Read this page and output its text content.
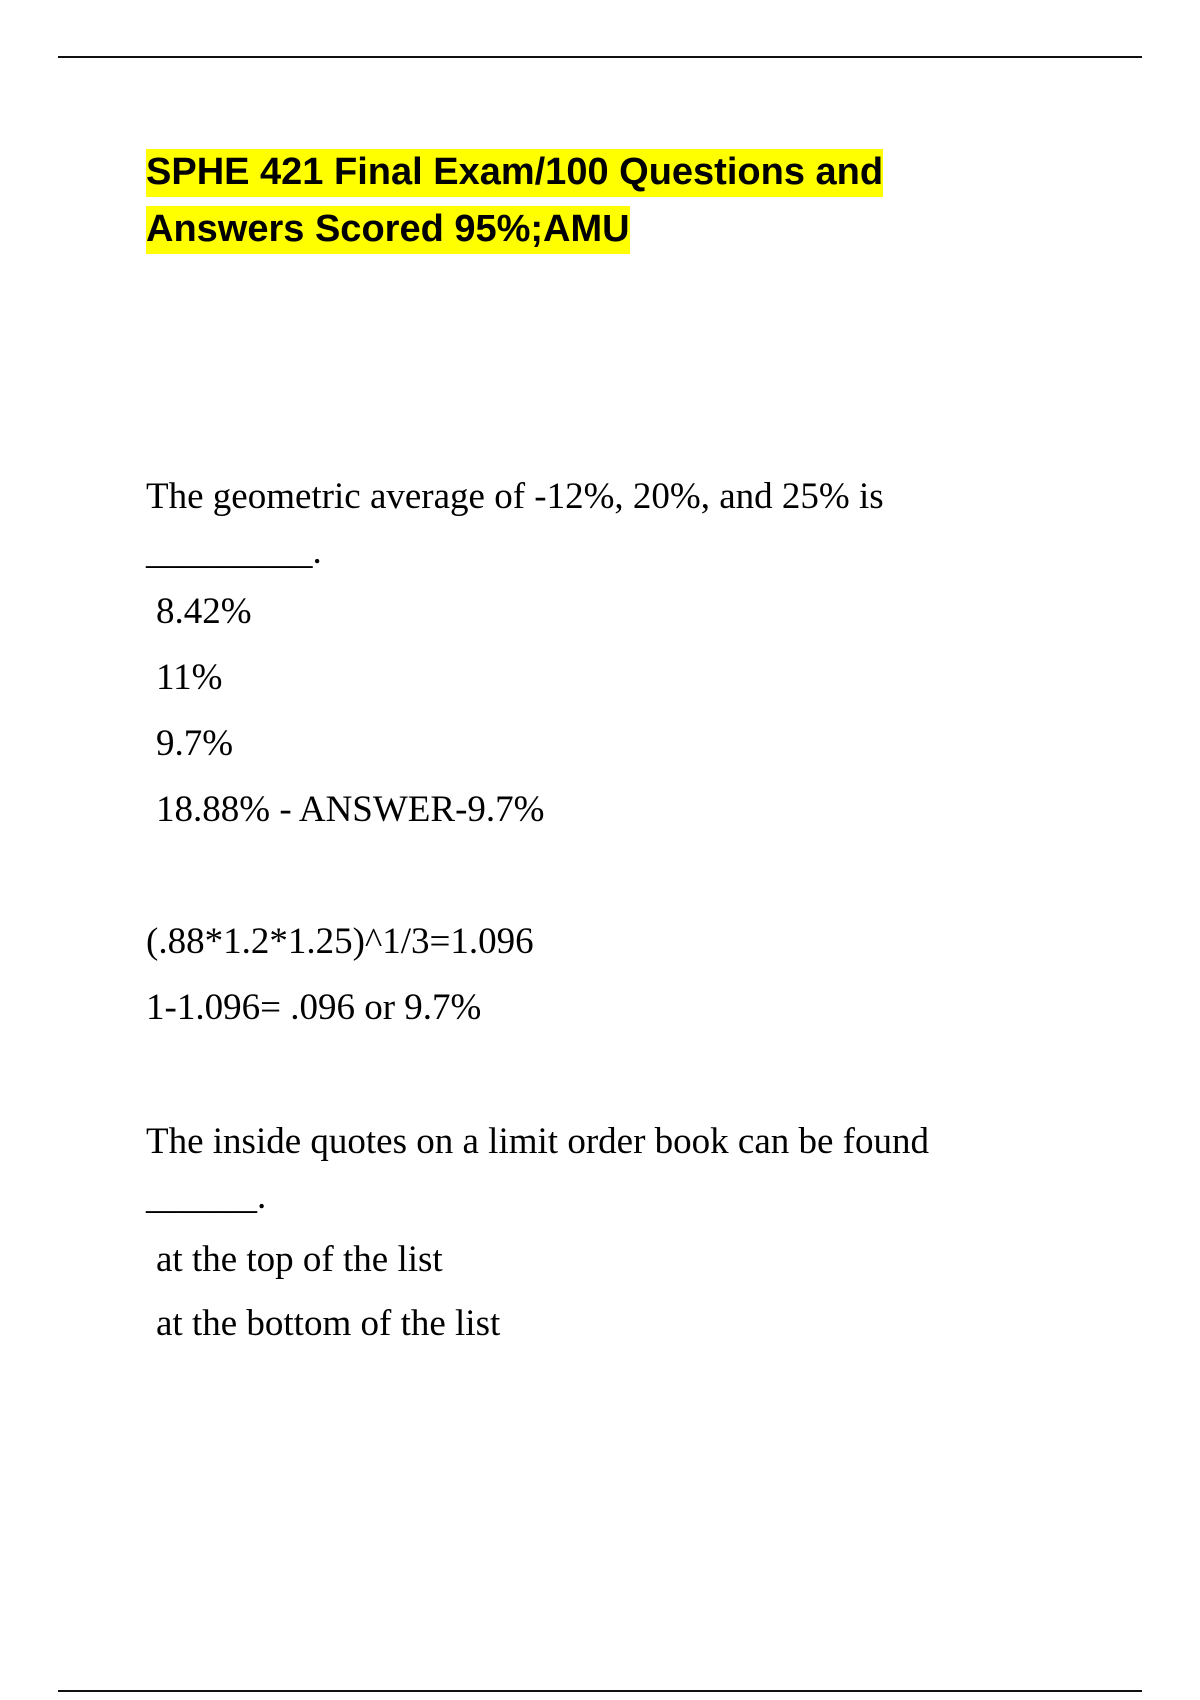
SPHE 421 Final Exam/100 Questions and
Answers Scored 95%;AMU

The geometric average of -12%, 20%, and 25% is

_________.

8.42%

11%

9.7%

18.88% - ANSWER-9.7%

(.88*1.2*1.25)^1/3=1.096

1-1.096= .096 or 9.7%

The inside quotes on a limit order book can be found

______.

at the top of the list

at the bottom of the list
